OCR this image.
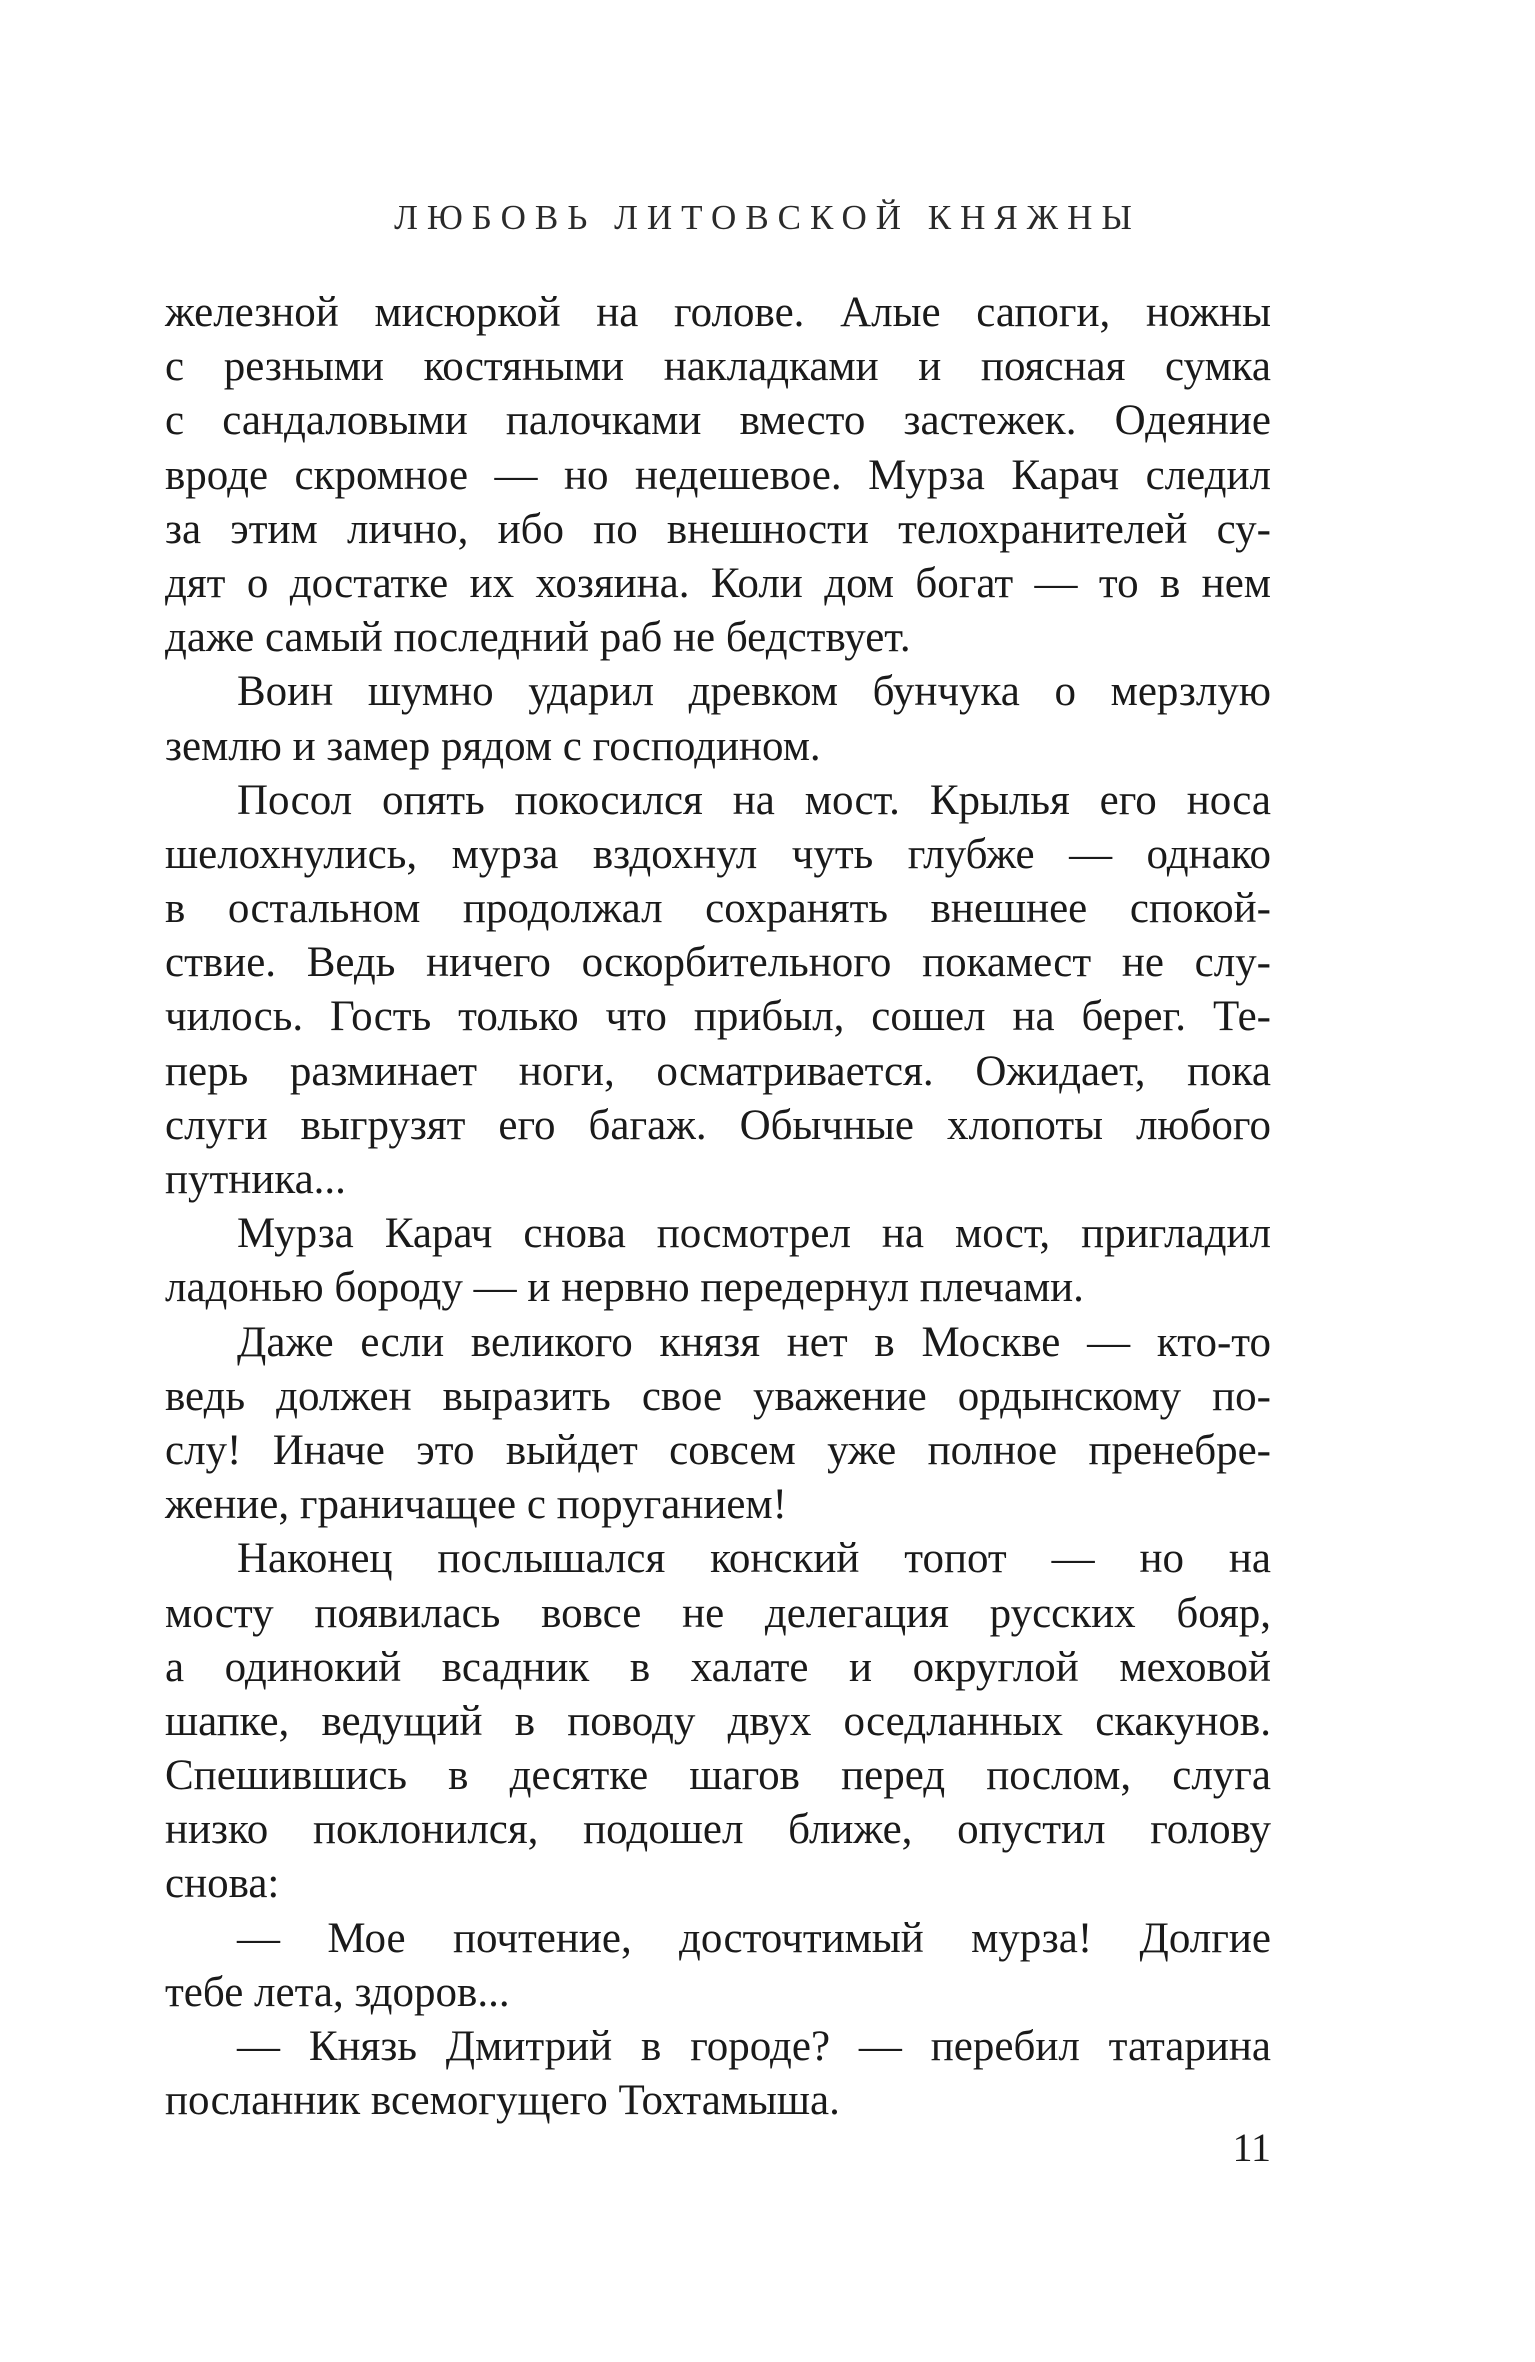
ЛЮБОВЬ ЛИТОВСКОЙ КНЯЖНЫ
железной мисюркой на голове. Алые сапоги, ножны
с резными костяными накладками и поясная сумка
с сандаловыми палочками вместо застежек. Одеяние
вроде скромное — но недешевое. Мурза Карач следил
за этим лично, ибо по внешности телохранителей су-
дят о достатке их хозяина. Коли дом богат — то в нем
даже самый последний раб не бедствует.
Воин шумно ударил древком бунчука о мерзлую
землю и замер рядом с господином.
Посол опять покосился на мост. Крылья его носа
шелохнулись, мурза вздохнул чуть глубже — однако
в остальном продолжал сохранять внешнее спокой-
ствие. Ведь ничего оскорбительного покамест не слу-
чилось. Гость только что прибыл, сошел на берег. Те-
перь разминает ноги, осматривается. Ожидает, пока
слуги выгрузят его багаж. Обычные хлопоты любого
путника...
Мурза Карач снова посмотрел на мост, пригладил
ладонью бороду — и нервно передернул плечами.
Даже если великого князя нет в Москве — кто-то
ведь должен выразить свое уважение ордынскому по-
слу! Иначе это выйдет совсем уже полное пренебре-
жение, граничащее с поруганием!
Наконец послышался конский топот — но на
мосту появилась вовсе не делегация русских бояр,
а одинокий всадник в халате и округлой меховой
шапке, ведущий в поводу двух оседланных скакунов.
Спешившись в десятке шагов перед послом, слуга
низко поклонился, подошел ближе, опустил голову
снова:
— Мое почтение, досточтимый мурза! Долгие
тебе лета, здоров...
— Князь Дмитрий в городе? — перебил татарина
посланник всемогущего Тохтамыша.
11
